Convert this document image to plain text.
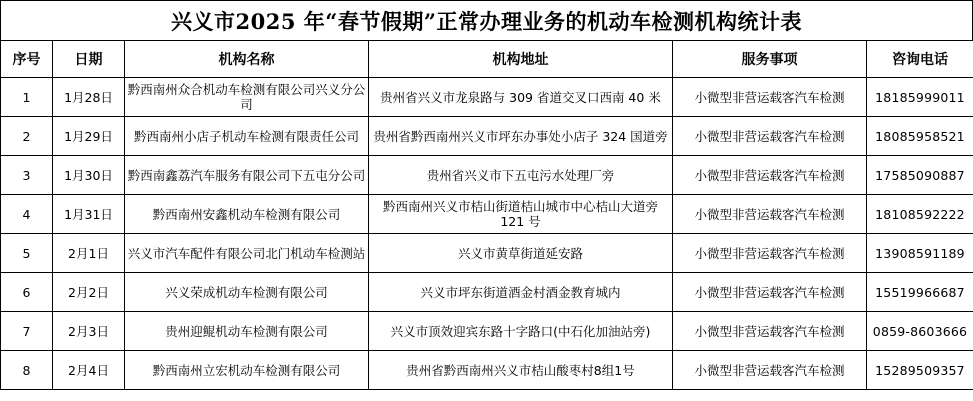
兴义市2025 年“春节假期”正常办理业务的机动车检测机构统计表
序号	日期	机构名称	机构地址	服务事项	咨询电话
1	1月28日	黔西南州众合机动车检测有限公司兴义分公司	贵州省兴义市龙泉路与 309 省道交叉口西南 40 米	小微型非营运载客汽车检测	18185999011
2	1月29日	黔西南州小店子机动车检测有限责任公司	贵州省黔西南州兴义市坪东办事处小店子 324 国道旁	小微型非营运载客汽车检测	18085958521
3	1月30日	黔西南鑫荔汽车服务有限公司下五屯分公司	贵州省兴义市下五屯污水处理厂旁	小微型非营运载客汽车检测	17585090887
4	1月31日	黔西南州安鑫机动车检测有限公司	黔西南州兴义市桔山街道桔山城市中心桔山大道旁 121 号	小微型非营运载客汽车检测	18108592222
5	2月1日	兴义市汽车配件有限公司北门机动车检测站	兴义市黄草街道延安路	小微型非营运载客汽车检测	13908591189
6	2月2日	兴义荣成机动车检测有限公司	兴义市坪东街道酒金村酒金教育城内	小微型非营运载客汽车检测	15519966687
7	2月3日	贵州迎鲲机动车检测有限公司	兴义市顶效迎宾东路十字路口(中石化加油站旁)	小微型非营运载客汽车检测	0859-8603666
8	2月4日	黔西南州立宏机动车检测有限公司	贵州省黔西南州兴义市桔山酸枣村8组1号	小微型非营运载客汽车检测	15289509357
